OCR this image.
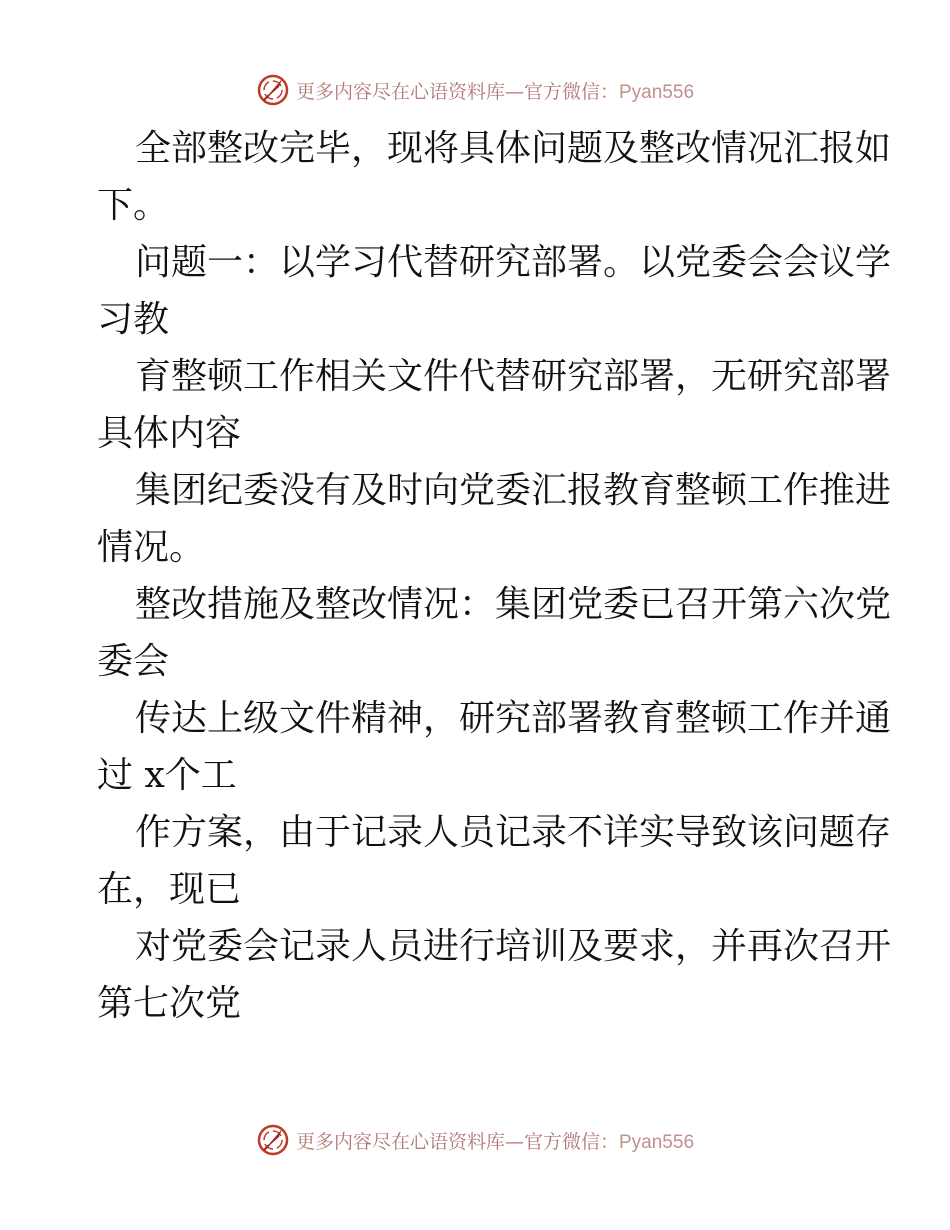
更多内容尽在心语资料库—官方微信：Pyan556

全部整改完毕，现将具体问题及整改情况汇报如

下。

问题一：以学习代替研究部署。以党委会会议学

习教

育整顿工作相关文件代替研究部署，无研究部署

具体内容

集团纪委没有及时向党委汇报教育整顿工作推进

情况。

整改措施及整改情况：集团党委已召开第六次党

委会

传达上级文件精神，研究部署教育整顿工作并通

过 x个工

作方案，由于记录人员记录不详实导致该问题存

在，现已

对党委会记录人员进行培训及要求，并再次召开

第七次党

更多内容尽在心语资料库—官方微信：Pyan556
